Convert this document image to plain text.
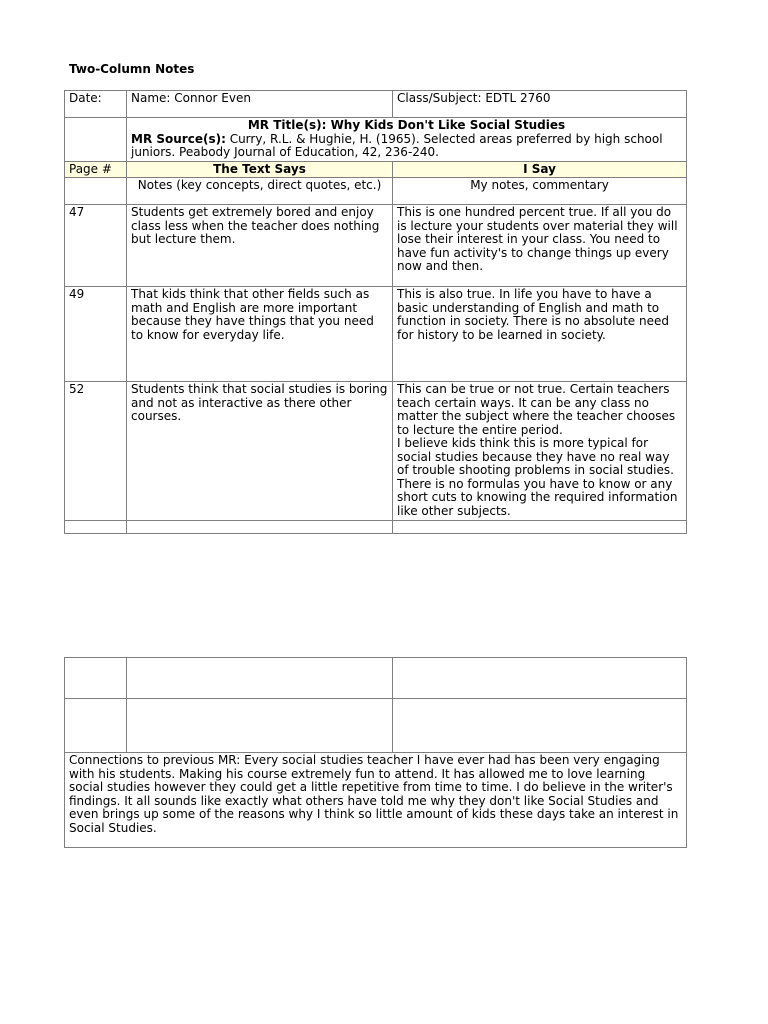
Two-Column Notes
Date:	Name: Connor Even	Class/Subject: EDTL 2760

	MR Title(s): Why Kids Don't Like Social Studies
MR Source(s): Curry, R.L. & Hughie, H. (1965). Selected areas preferred by high school juniors. Peabody Journal of Education, 42, 236-240.	

Page #	The Text Says	I Say
	Notes (key concepts, direct quotes, etc.)	My notes, commentary
47	Students get extremely bored and enjoy class less when the teacher does nothing but lecture them.	This is one hundred percent true. If all you do is lecture your students over material they will lose their interest in your class. You need to have fun activity's to change things up every now and then.
49	That kids think that other fields such as math and English are more important because they have things that you need to know for everyday life.	This is also true. In life you have to have a basic understanding of English and math to function in society. There is no absolute need for history to be learned in society.
52	Students think that social studies is boring and not as interactive as there other courses.	This can be true or not true. Certain teachers teach certain ways. It can be any class no matter the subject where the teacher chooses to lecture the entire period.
I believe kids think this is more typical for social studies because they have no real way of trouble shooting problems in social studies. There is no formulas you have to know or any short cuts to knowing the required information like other subjects.

Connections to previous MR: Every social studies teacher I have ever had has been very engaging with his students. Making his course extremely fun to attend. It has allowed me to love learning social studies however they could get a little repetitive from time to time. I do believe in the writer's findings. It all sounds like exactly what others have told me why they don't like Social Studies and even brings up some of the reasons why I think so little amount of kids these days take an interest in Social Studies.		
